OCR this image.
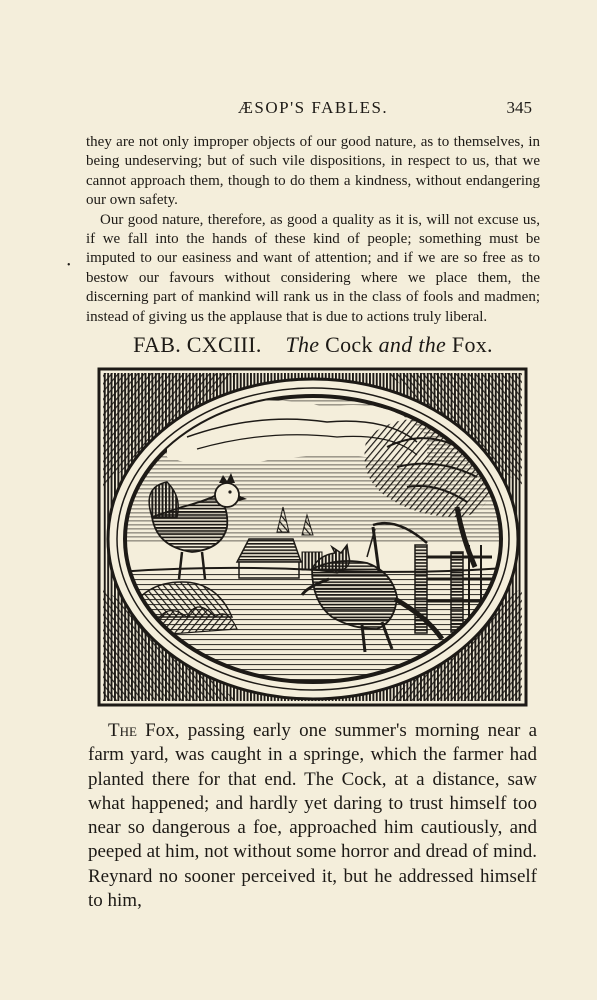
ÆSOP'S FABLES.	345

they are not only improper objects of our good nature, as to themselves, in being undeserving; but of such vile dispositions, in respect to us, that we cannot approach them, though to do them a kindness, without endangering our own safety.

Our good nature, therefore, as good a quality as it is, will not excuse us, if we fall into the hands of these kind of people; something must be imputed to our easiness and want of attention; and if we are so free as to bestow our favours without considering where we place them, the discerning part of mankind will rank us in the class of fools and madmen; instead of giving us the applause that is due to actions truly liberal.

•
FAB. CXCIII. The Cock and the Fox.

The Fox, passing early one summer's morning near a farm yard, was caught in a springe, which the farmer had planted there for that end. The Cock, at a distance, saw what happened; and hardly yet daring to trust himself too near so dangerous a foe, approached him cautiously, and peeped at him, not without some horror and dread of mind. Reynard no sooner perceived it, but he addressed himself to him,
